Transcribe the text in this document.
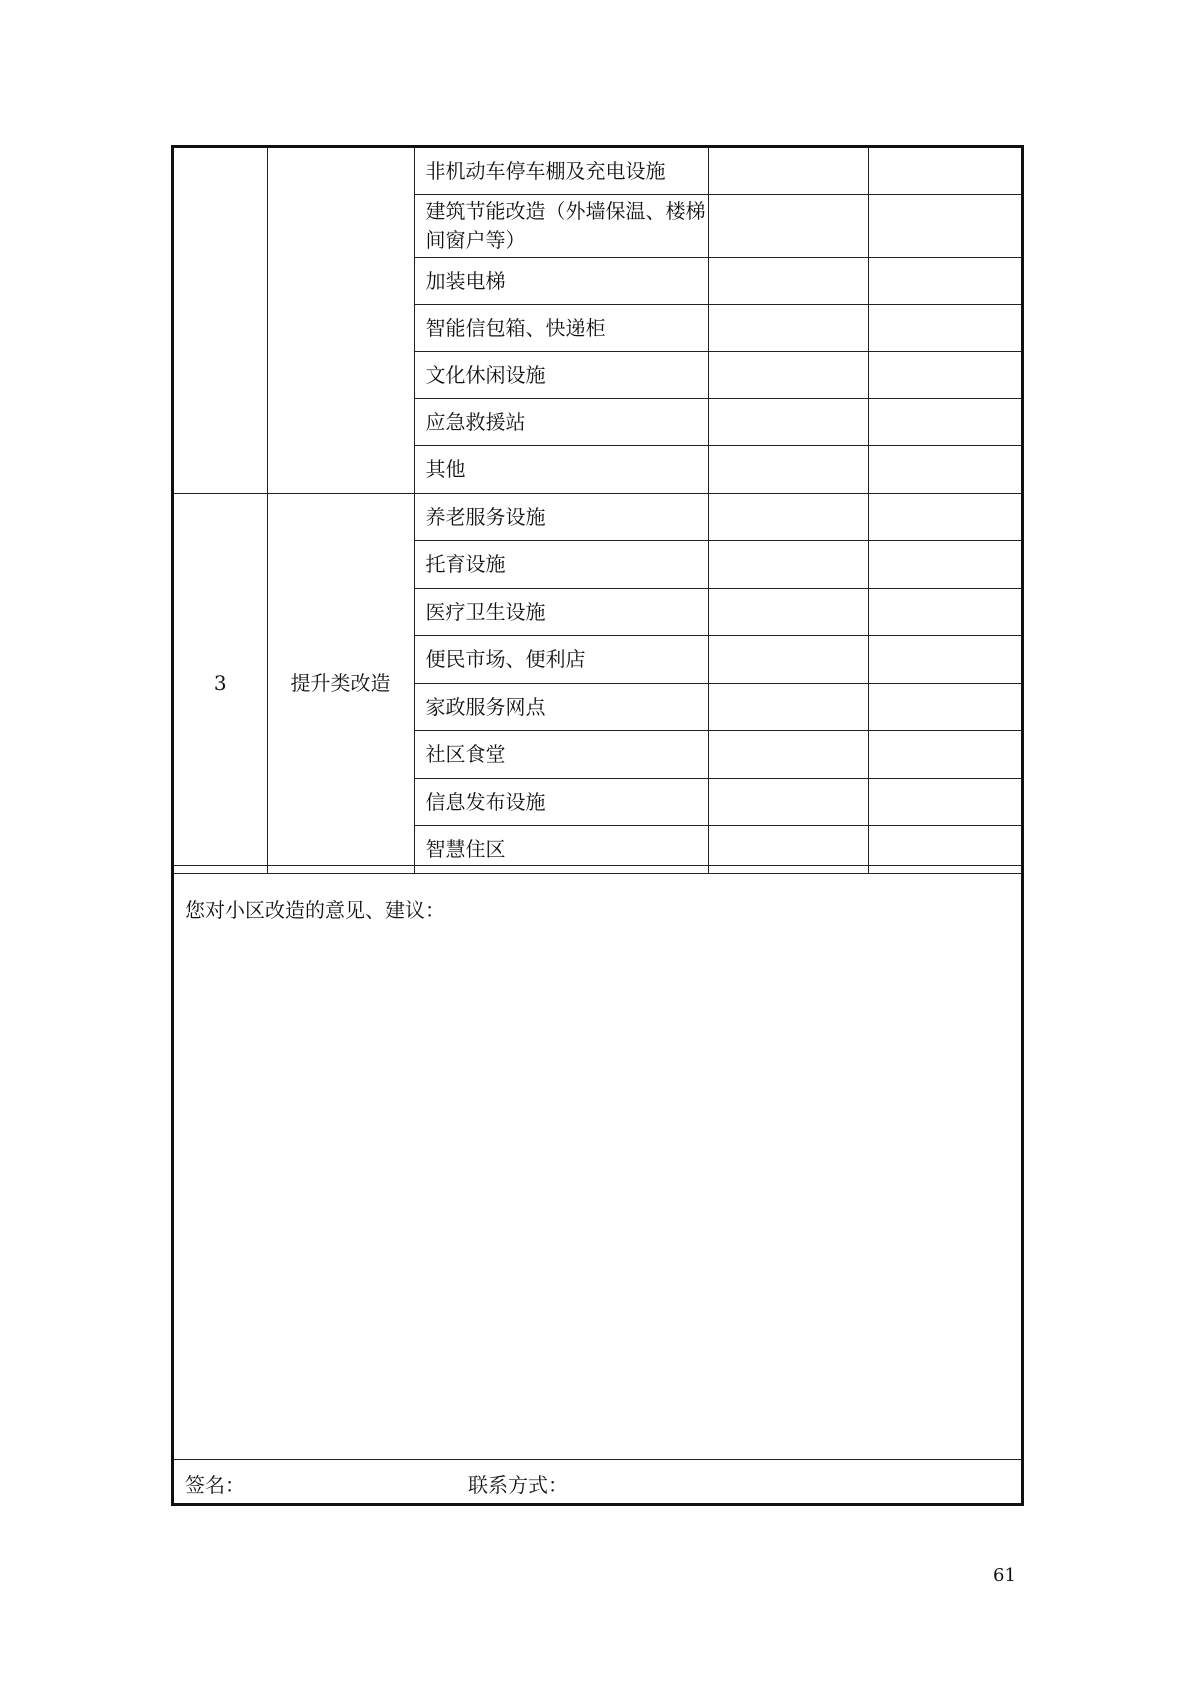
		非机动车停车棚及充电设施		
		建筑节能改造（外墙保温、楼梯间窗户等）		
		加装电梯		
		智能信包箱、快递柜		
		文化休闲设施		
		应急救援站		
		其他		
3	提升类改造	养老服务设施		
		托育设施		
		医疗卫生设施		
		便民市场、便利店		
		家政服务网点		
		社区食堂		
		信息发布设施		
		智慧住区		
您对小区改造的意见、建议：
签名：	联系方式：
61
